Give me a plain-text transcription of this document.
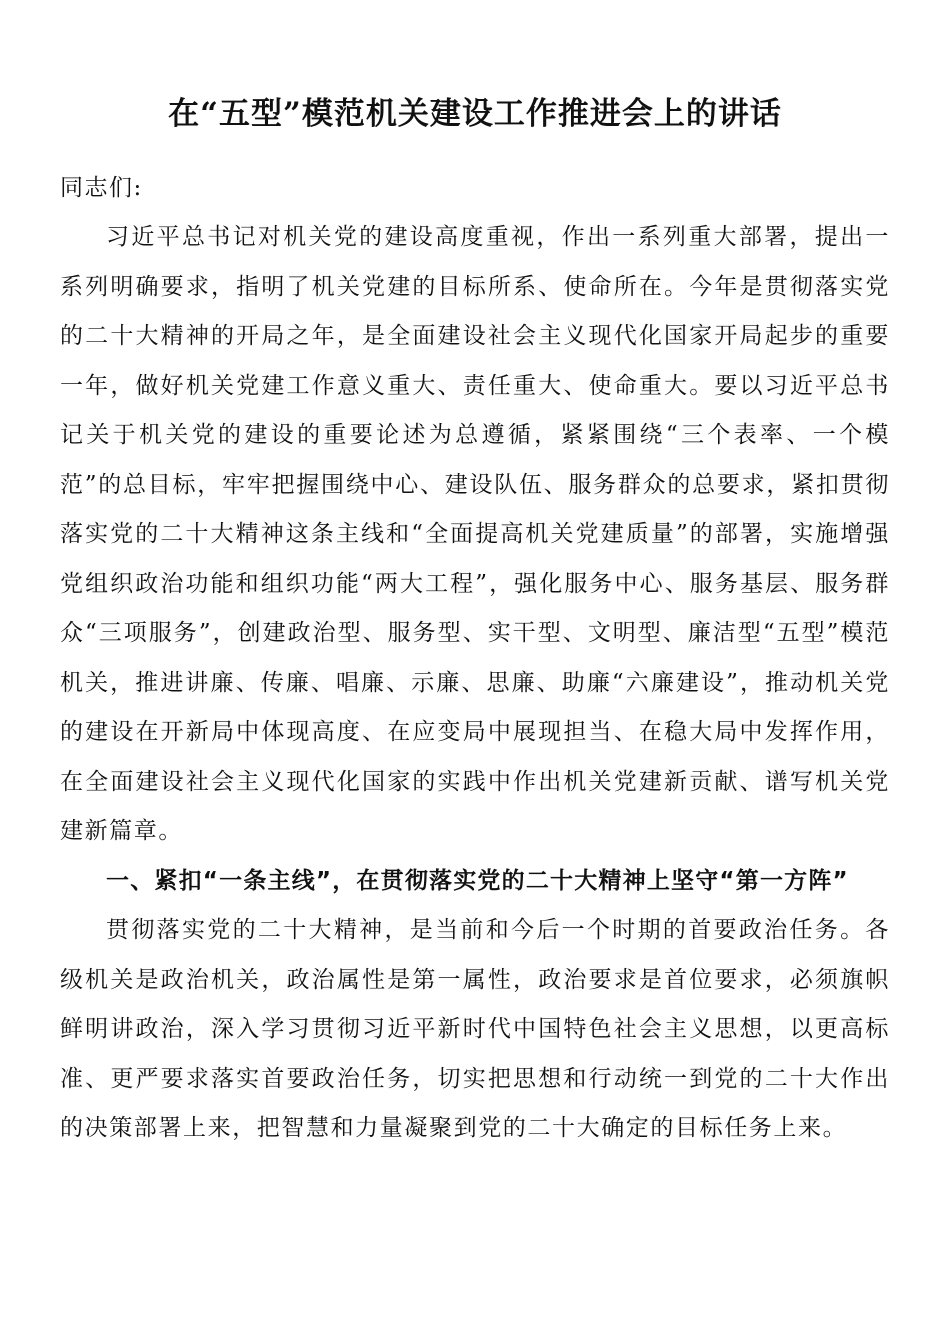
在“五型”模范机关建设工作推进会上的讲话
同志们:

习近平总书记对机关党的建设高度重视，作出一系列重大部署，提出一系列明确要求，指明了机关党建的目标所系、使命所在。今年是贯彻落实党的二十大精神的开局之年，是全面建设社会主义现代化国家开局起步的重要一年，做好机关党建工作意义重大、责任重大、使命重大。要以习近平总书记关于机关党的建设的重要论述为总遵循，紧紧围绕“三个表率、一个模范”的总目标，牢牢把握围绕中心、建设队伍、服务群众的总要求，紧扣贯彻落实党的二十大精神这条主线和“全面提高机关党建质量”的部署，实施增强党组织政治功能和组织功能“两大工程”，强化服务中心、服务基层、服务群众“三项服务”，创建政治型、服务型、实干型、文明型、廉洁型“五型”模范机关，推进讲廉、传廉、唱廉、示廉、思廉、助廉“六廉建设”，推动机关党的建设在开新局中体现高度、在应变局中展现担当、在稳大局中发挥作用，在全面建设社会主义现代化国家的实践中作出机关党建新贡献、谱写机关党建新篇章。

一、紧扣“一条主线”，在贯彻落实党的二十大精神上坚守“第一方阵”

贯彻落实党的二十大精神，是当前和今后一个时期的首要政治任务。各级机关是政治机关，政治属性是第一属性，政治要求是首位要求，必须旗帜鲜明讲政治，深入学习贯彻习近平新时代中国特色社会主义思想，以更高标准、更严要求落实首要政治任务，切实把思想和行动统一到党的二十大作出的决策部署上来，把智慧和力量凝聚到党的二十大确定的目标任务上来。
